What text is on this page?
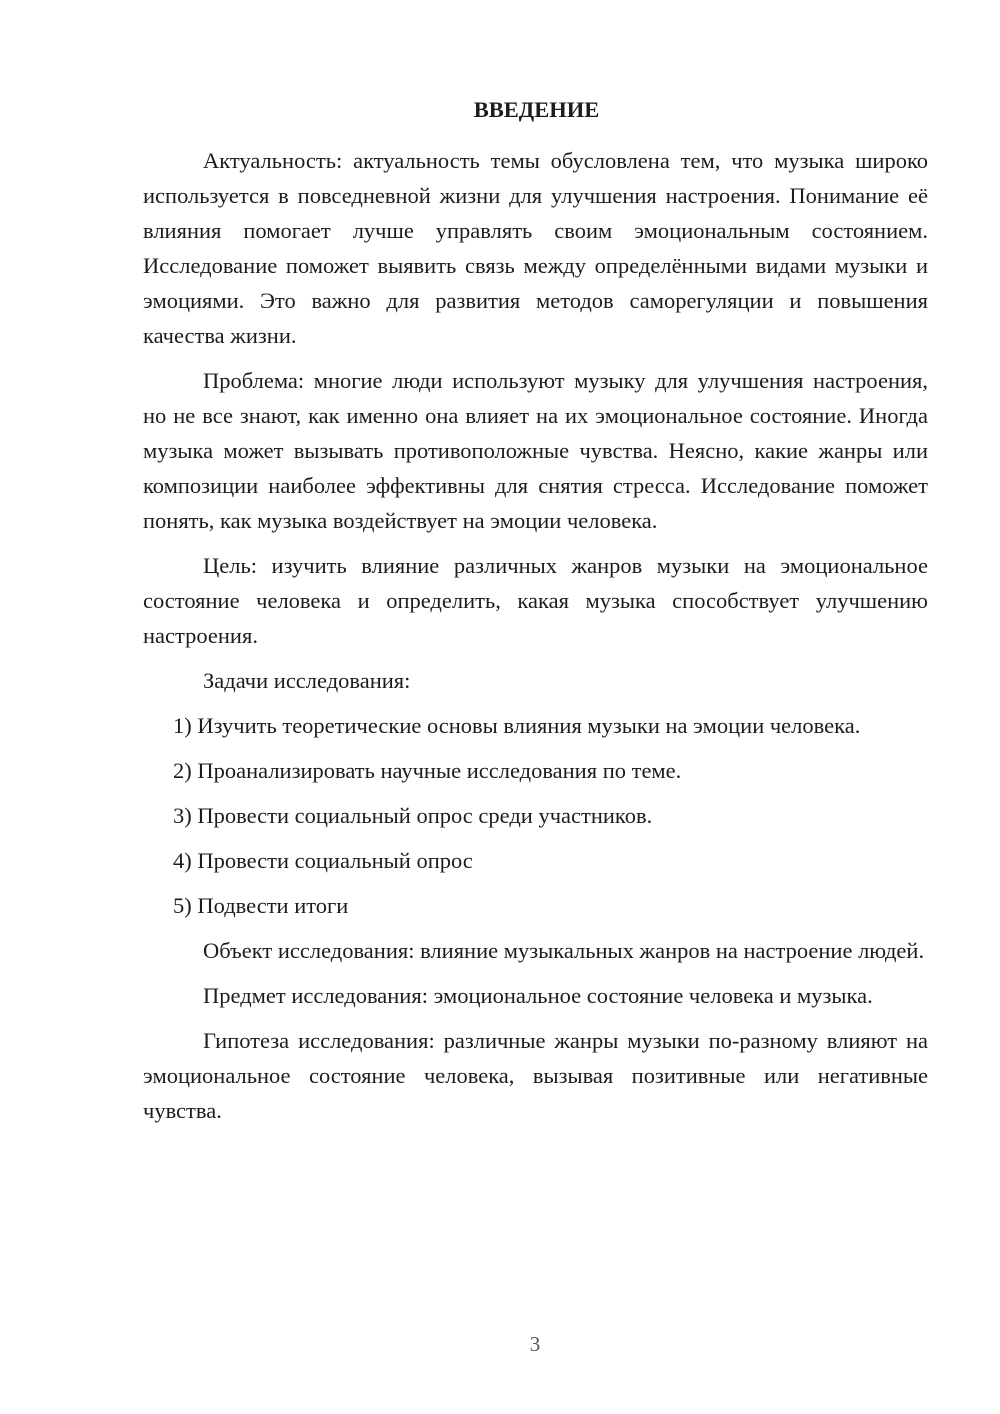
ВВЕДЕНИЕ

Актуальность: актуальность темы обусловлена тем, что музыка широко используется в повседневной жизни для улучшения настроения. Понимание её влияния помогает лучше управлять своим эмоциональным состоянием. Исследование поможет выявить связь между определёнными видами музыки и эмоциями. Это важно для развития методов саморегуляции и повышения качества жизни.

Проблема: многие люди используют музыку для улучшения настроения, но не все знают, как именно она влияет на их эмоциональное состояние. Иногда музыка может вызывать противоположные чувства. Неясно, какие жанры или композиции наиболее эффективны для снятия стресса. Исследование поможет понять, как музыка воздействует на эмоции человека.

Цель: изучить влияние различных жанров музыки на эмоциональное состояние человека и определить, какая музыка способствует улучшению настроения.

Задачи исследования:

1) Изучить теоретические основы влияния музыки на эмоции человека.

2) Проанализировать научные исследования по теме.

3) Провести социальный опрос среди участников.

4) Провести социальный опрос

5) Подвести итоги

Объект исследования: влияние музыкальных жанров на настроение людей.

Предмет исследования: эмоциональное состояние человека и музыка.

Гипотеза исследования: различные жанры музыки по-разному влияют на эмоциональное состояние человека, вызывая позитивные или негативные чувства.

3
